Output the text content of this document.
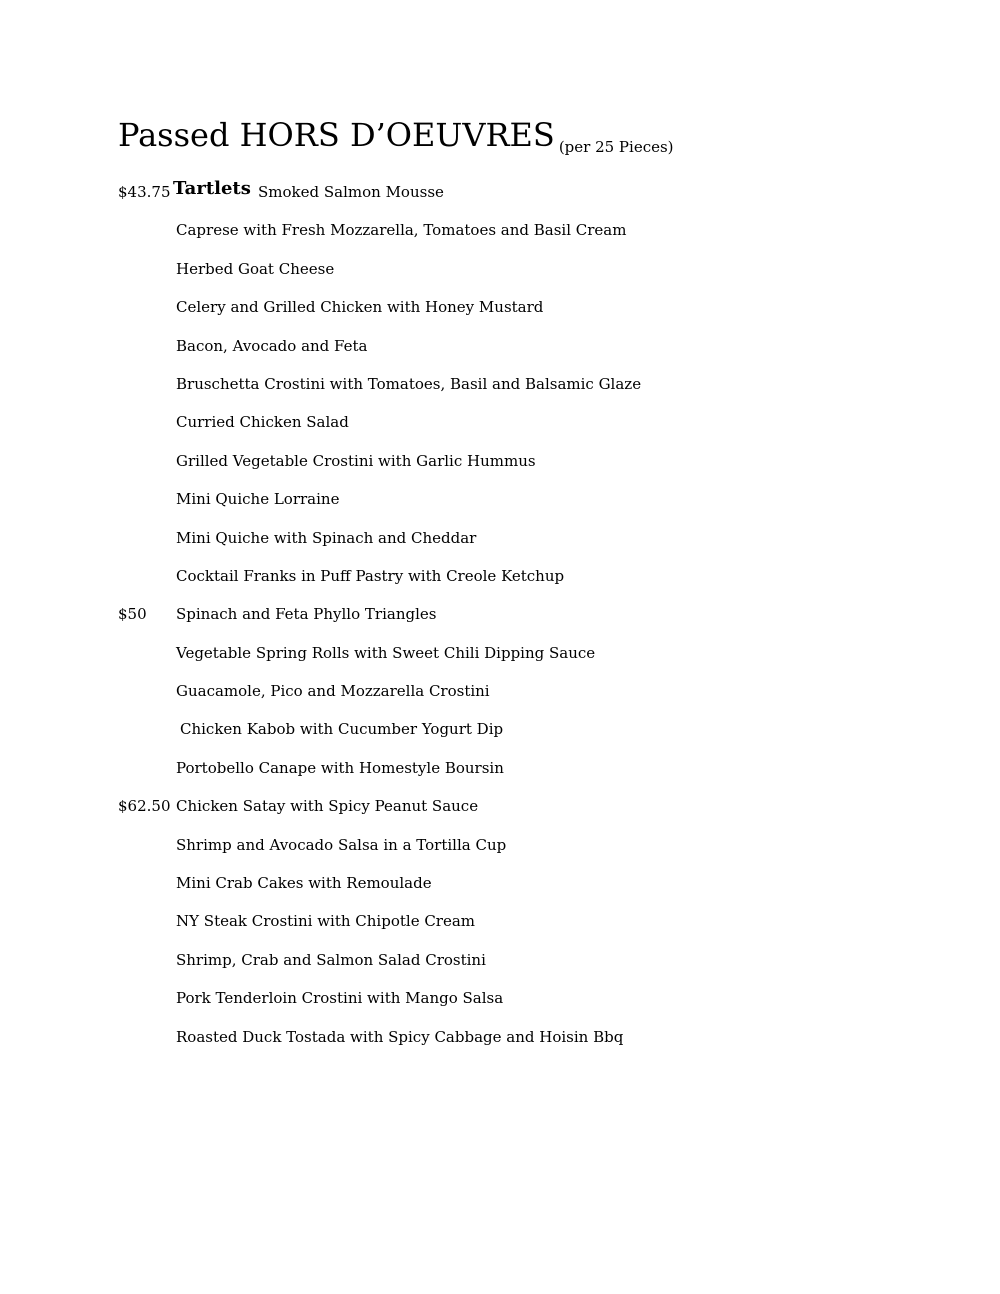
Passed HORS D’OEUVRES (per 25 Pieces)
$43.75 Tartlets Smoked Salmon Mousse
Caprese with Fresh Mozzarella, Tomatoes and Basil Cream
Herbed Goat Cheese
Celery and Grilled Chicken with Honey Mustard
Bacon, Avocado and Feta
Bruschetta Crostini with Tomatoes, Basil and Balsamic Glaze
Curried Chicken Salad
Grilled Vegetable Crostini with Garlic Hummus
Mini Quiche Lorraine
Mini Quiche with Spinach and Cheddar
Cocktail Franks in Puff Pastry with Creole Ketchup
$50 Spinach and Feta Phyllo Triangles
Vegetable Spring Rolls with Sweet Chili Dipping Sauce
Guacamole, Pico and Mozzarella Crostini
Chicken Kabob with Cucumber Yogurt Dip
Portobello Canape with Homestyle Boursin
$62.50 Chicken Satay with Spicy Peanut Sauce
Shrimp and Avocado Salsa in a Tortilla Cup
Mini Crab Cakes with Remoulade
NY Steak Crostini with Chipotle Cream
Shrimp, Crab and Salmon Salad Crostini
Pork Tenderloin Crostini with Mango Salsa
Roasted Duck Tostada with Spicy Cabbage and Hoisin Bbq
